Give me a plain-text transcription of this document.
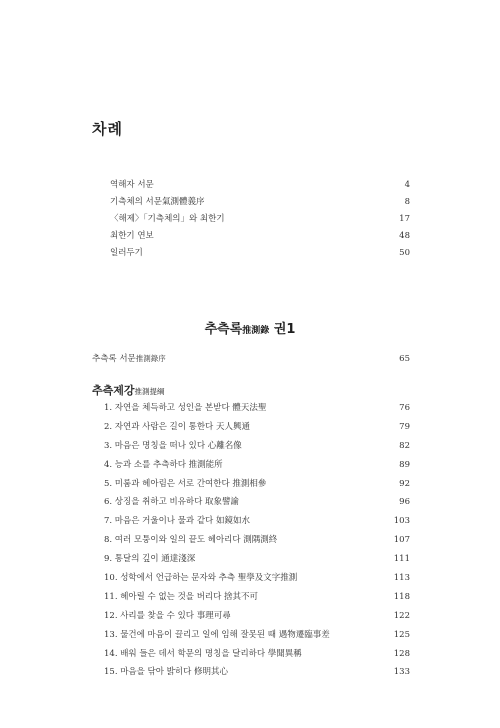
차례
역해자 서문	4
기측체의 서문氣測體義序	8
〈해제〉「기측체의」와 최한기	17
최한기 연보	48
일러두기	50
추측록推測錄 권1
추측록 서문推測錄序	65
추측제강推測提綱
1. 자연을 체득하고 성인을 본받다 體天法聖	76
2. 자연과 사람은 길이 통한다 天人興通	79
3. 마음은 명칭을 떠나 있다 心離名像	82
4. 능과 소를 추측하다 推測能所	89
5. 미룸과 헤아림은 서로 간여한다 推測相參	92
6. 상징을 취하고 비유하다 取象譬諭	96
7. 마음은 거울이나 물과 같다 如鏡如水	103
8. 여러 모퉁이와 일의 끝도 헤아리다 測隅測終	107
9. 통달의 깊이 通達淺深	111
10. 성학에서 언급하는 문자와 추측 聖學及文字推測	113
11. 헤아릴 수 없는 것을 버리다 捨其不可	118
12. 사리를 찾을 수 있다 事理可尋	122
13. 물건에 마음이 끌리고 일에 임해 잘못된 때 遇物遷臨事差	125
14. 배워 들은 데서 학문의 명칭을 달리하다 學聞異稱	128
15. 마음을 닦아 밝히다 修明其心	133
